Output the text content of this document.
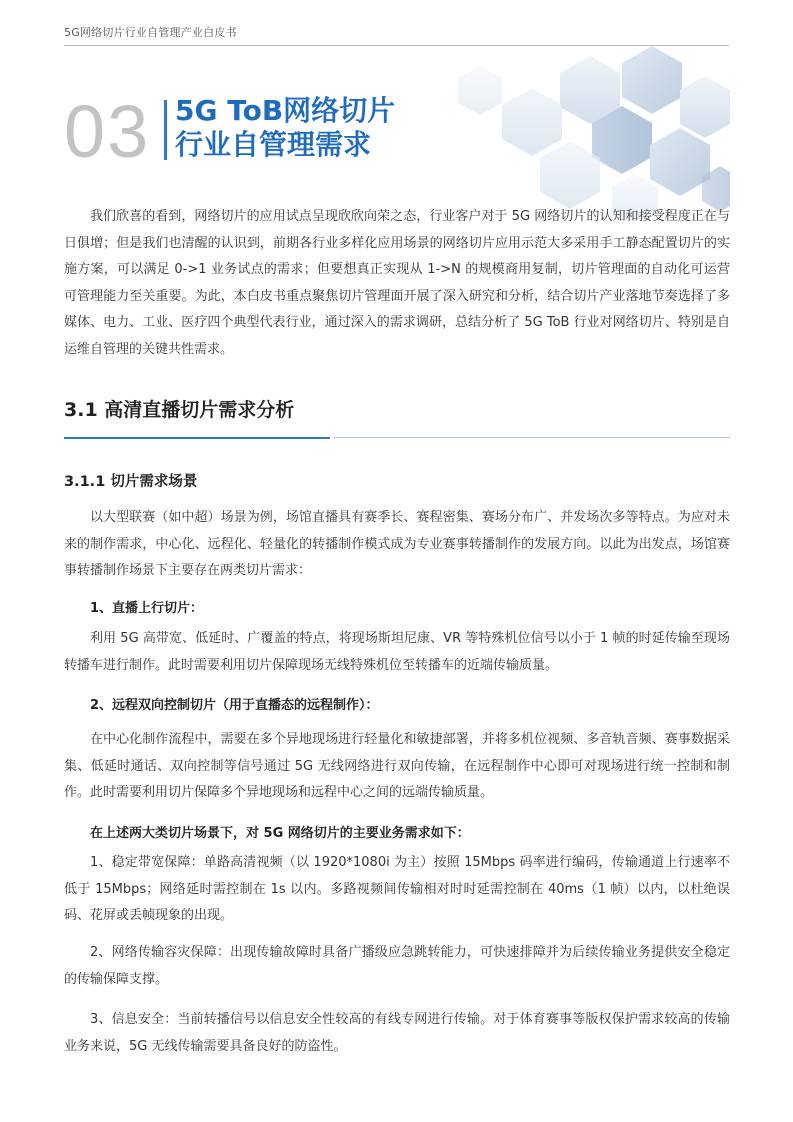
5G网络切片行业自管理产业白皮书
03 5G ToB网络切片
行业自管理需求

我们欣喜的看到，网络切片的应用试点呈现欣欣向荣之态，行业客户对于 5G 网络切片的认知和接受程度正在与日俱增；但是我们也清醒的认识到，前期各行业多样化应用场景的网络切片应用示范大多采用手工静态配置切片的实施方案，可以满足 0->1 业务试点的需求；但要想真正实现从 1->N 的规模商用复制，切片管理面的自动化可运营可管理能力至关重要。为此，本白皮书重点聚焦切片管理面开展了深入研究和分析，结合切片产业落地节奏选择了多媒体、电力、工业、医疗四个典型代表行业，通过深入的需求调研，总结分析了 5G ToB 行业对网络切片、特别是自运维自管理的关键共性需求。

3.1 高清直播切片需求分析
3.1.1 切片需求场景

以大型联赛（如中超）场景为例，场馆直播具有赛季长、赛程密集、赛场分布广、并发场次多等特点。为应对未来的制作需求，中心化、远程化、轻量化的转播制作模式成为专业赛事转播制作的发展方向。以此为出发点，场馆赛事转播制作场景下主要存在两类切片需求：

1、直播上行切片：

利用 5G 高带宽、低延时、广覆盖的特点，将现场斯坦尼康、VR 等特殊机位信号以小于 1 帧的时延传输至现场转播车进行制作。此时需要利用切片保障现场无线特殊机位至转播车的近端传输质量。

2、远程双向控制切片（用于直播态的远程制作）：

在中心化制作流程中，需要在多个异地现场进行轻量化和敏捷部署，并将多机位视频、多音轨音频、赛事数据采集、低延时通话、双向控制等信号通过 5G 无线网络进行双向传输，在远程制作中心即可对现场进行统一控制和制作。此时需要利用切片保障多个异地现场和远程中心之间的远端传输质量。

在上述两大类切片场景下，对 5G 网络切片的主要业务需求如下：

1、稳定带宽保障：单路高清视频（以 1920*1080i 为主）按照 15Mbps 码率进行编码，传输通道上行速率不低于 15Mbps；网络延时需控制在 1s 以内。多路视频间传输相对时时延需控制在 40ms（1 帧）以内，以杜绝误码、花屏或丢帧现象的出现。

2、网络传输容灾保障：出现传输故障时具备广播级应急跳转能力，可快速排障并为后续传输业务提供安全稳定的传输保障支撑。

3、信息安全：当前转播信号以信息安全性较高的有线专网进行传输。对于体育赛事等版权保护需求较高的传输业务来说，5G 无线传输需要具备良好的防盗性。
